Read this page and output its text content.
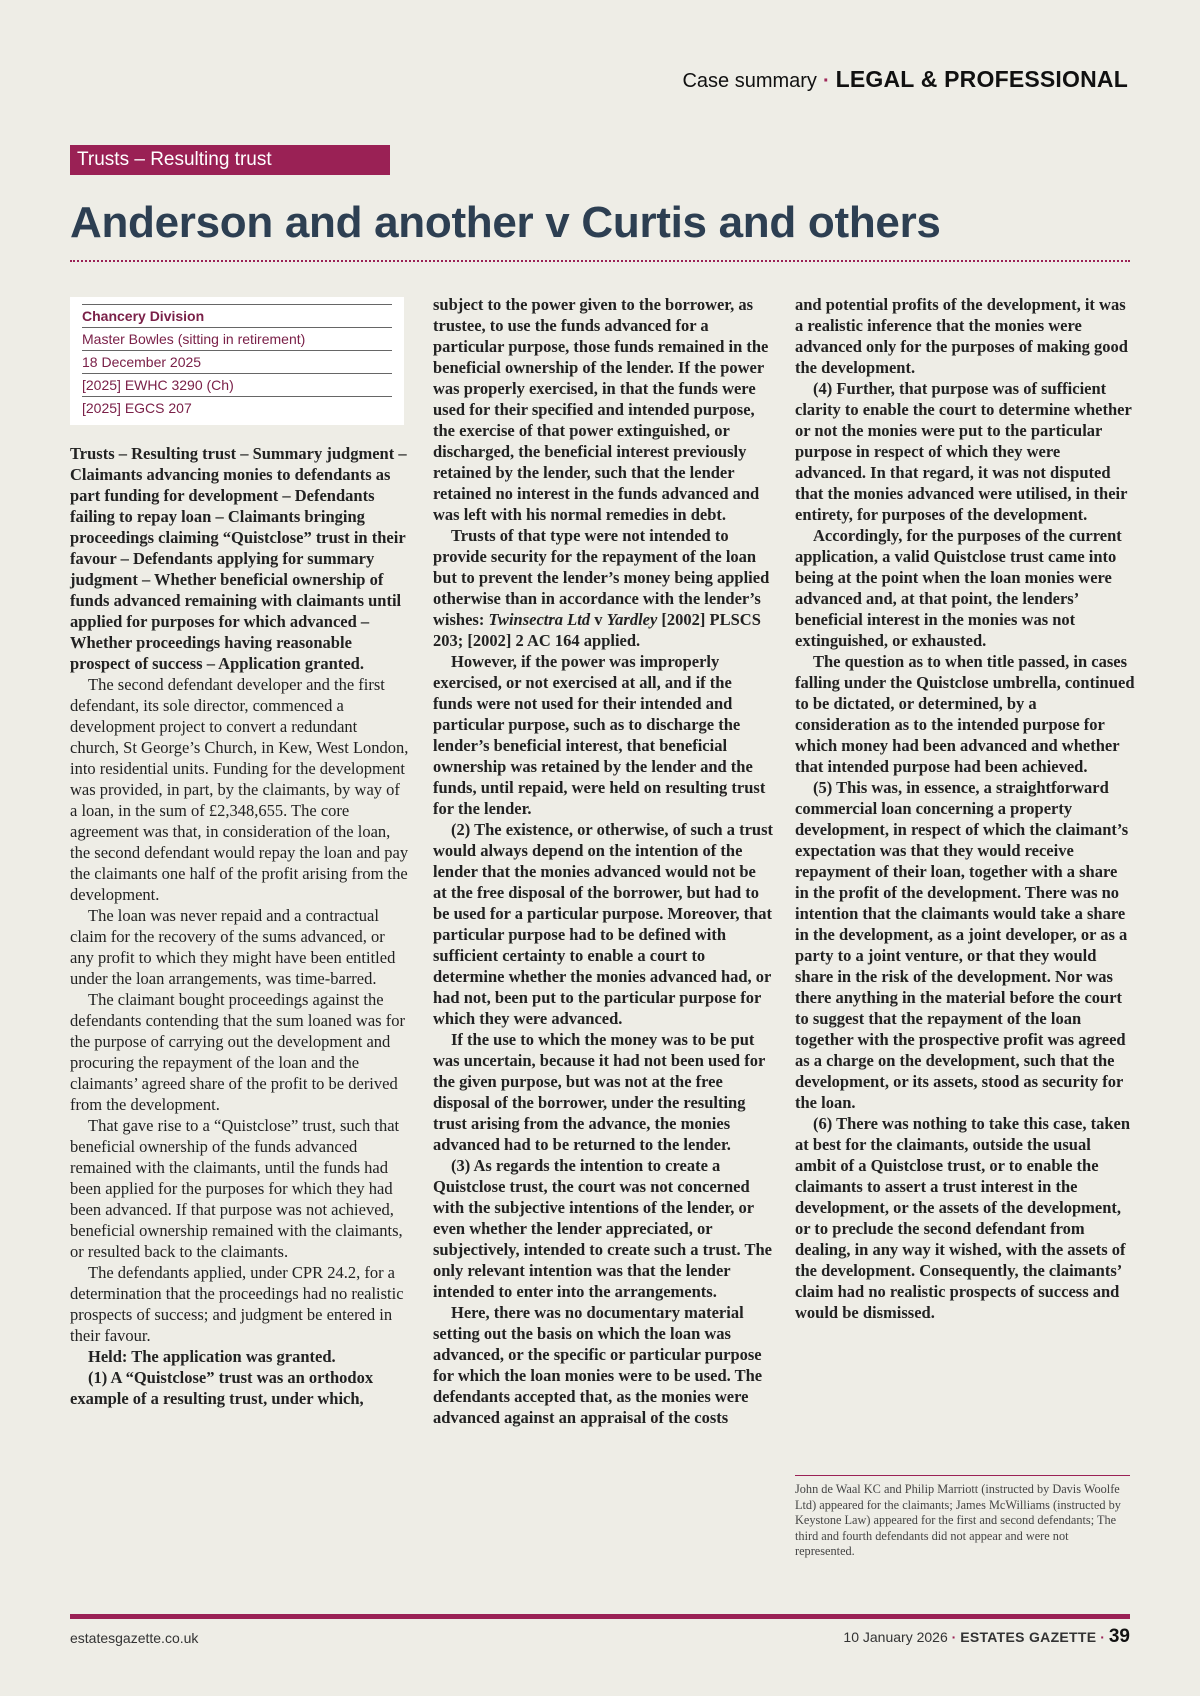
Case summary · LEGAL & PROFESSIONAL
Trusts – Resulting trust
Anderson and another v Curtis and others
Chancery Division
Master Bowles (sitting in retirement)
18 December 2025
[2025] EWHC 3290 (Ch)
[2025] EGCS 207

Trusts – Resulting trust – Summary judgment – Claimants advancing monies to defendants as part funding for development – Defendants failing to repay loan – Claimants bringing proceedings claiming “Quistclose” trust in their favour – Defendants applying for summary judgment – Whether beneficial ownership of funds advanced remaining with claimants until applied for purposes for which advanced – Whether proceedings having reasonable prospect of success – Application granted.

The second defendant developer and the first defendant, its sole director, commenced a development project to convert a redundant church, St George’s Church, in Kew, West London, into residential units. Funding for the development was provided, in part, by the claimants, by way of a loan, in the sum of £2,348,655. The core agreement was that, in consideration of the loan, the second defendant would repay the loan and pay the claimants one half of the profit arising from the development.

The loan was never repaid and a contractual claim for the recovery of the sums advanced, or any profit to which they might have been entitled under the loan arrangements, was time-barred.

The claimant bought proceedings against the defendants contending that the sum loaned was for the purpose of carrying out the development and procuring the repayment of the loan and the claimants’ agreed share of the profit to be derived from the development.

That gave rise to a “Quistclose” trust, such that beneficial ownership of the funds advanced remained with the claimants, until the funds had been applied for the purposes for which they had been advanced. If that purpose was not achieved, beneficial ownership remained with the claimants, or resulted back to the claimants.

The defendants applied, under CPR 24.2, for a determination that the proceedings had no realistic prospects of success; and judgment be entered in their favour.

Held: The application was granted.

(1) A “Quistclose” trust was an orthodox example of a resulting trust, under which,

subject to the power given to the borrower, as trustee, to use the funds advanced for a particular purpose, those funds remained in the beneficial ownership of the lender. If the power was properly exercised, in that the funds were used for their specified and intended purpose, the exercise of that power extinguished, or discharged, the beneficial interest previously retained by the lender, such that the lender retained no interest in the funds advanced and was left with his normal remedies in debt.

Trusts of that type were not intended to provide security for the repayment of the loan but to prevent the lender’s money being applied otherwise than in accordance with the lender’s wishes: Twinsectra Ltd v Yardley [2002] PLSCS 203; [2002] 2 AC 164 applied.

However, if the power was improperly exercised, or not exercised at all, and if the funds were not used for their intended and particular purpose, such as to discharge the lender’s beneficial interest, that beneficial ownership was retained by the lender and the funds, until repaid, were held on resulting trust for the lender.

(2) The existence, or otherwise, of such a trust would always depend on the intention of the lender that the monies advanced would not be at the free disposal of the borrower, but had to be used for a particular purpose. Moreover, that particular purpose had to be defined with sufficient certainty to enable a court to determine whether the monies advanced had, or had not, been put to the particular purpose for which they were advanced.

If the use to which the money was to be put was uncertain, because it had not been used for the given purpose, but was not at the free disposal of the borrower, under the resulting trust arising from the advance, the monies advanced had to be returned to the lender.

(3) As regards the intention to create a Quistclose trust, the court was not concerned with the subjective intentions of the lender, or even whether the lender appreciated, or subjectively, intended to create such a trust. The only relevant intention was that the lender intended to enter into the arrangements.

Here, there was no documentary material setting out the basis on which the loan was advanced, or the specific or particular purpose for which the loan monies were to be used. The defendants accepted that, as the monies were advanced against an appraisal of the costs

and potential profits of the development, it was a realistic inference that the monies were advanced only for the purposes of making good the development.

(4) Further, that purpose was of sufficient clarity to enable the court to determine whether or not the monies were put to the particular purpose in respect of which they were advanced. In that regard, it was not disputed that the monies advanced were utilised, in their entirety, for purposes of the development.

Accordingly, for the purposes of the current application, a valid Quistclose trust came into being at the point when the loan monies were advanced and, at that point, the lenders’ beneficial interest in the monies was not extinguished, or exhausted.

The question as to when title passed, in cases falling under the Quistclose umbrella, continued to be dictated, or determined, by a consideration as to the intended purpose for which money had been advanced and whether that intended purpose had been achieved.

(5) This was, in essence, a straightforward commercial loan concerning a property development, in respect of which the claimant’s expectation was that they would receive repayment of their loan, together with a share in the profit of the development. There was no intention that the claimants would take a share in the development, as a joint developer, or as a party to a joint venture, or that they would share in the risk of the development. Nor was there anything in the material before the court to suggest that the repayment of the loan together with the prospective profit was agreed as a charge on the development, such that the development, or its assets, stood as security for the loan.

(6) There was nothing to take this case, taken at best for the claimants, outside the usual ambit of a Quistclose trust, or to enable the claimants to assert a trust interest in the development, or the assets of the development, or to preclude the second defendant from dealing, in any way it wished, with the assets of the development. Consequently, the claimants’ claim had no realistic prospects of success and would be dismissed.

John de Waal KC and Philip Marriott (instructed by Davis Woolfe Ltd) appeared for the claimants; James McWilliams (instructed by Keystone Law) appeared for the first and second defendants; The third and fourth defendants did not appear and were not represented.
estatesgazette.co.uk	10 January 2026 · ESTATES GAZETTE · 39
